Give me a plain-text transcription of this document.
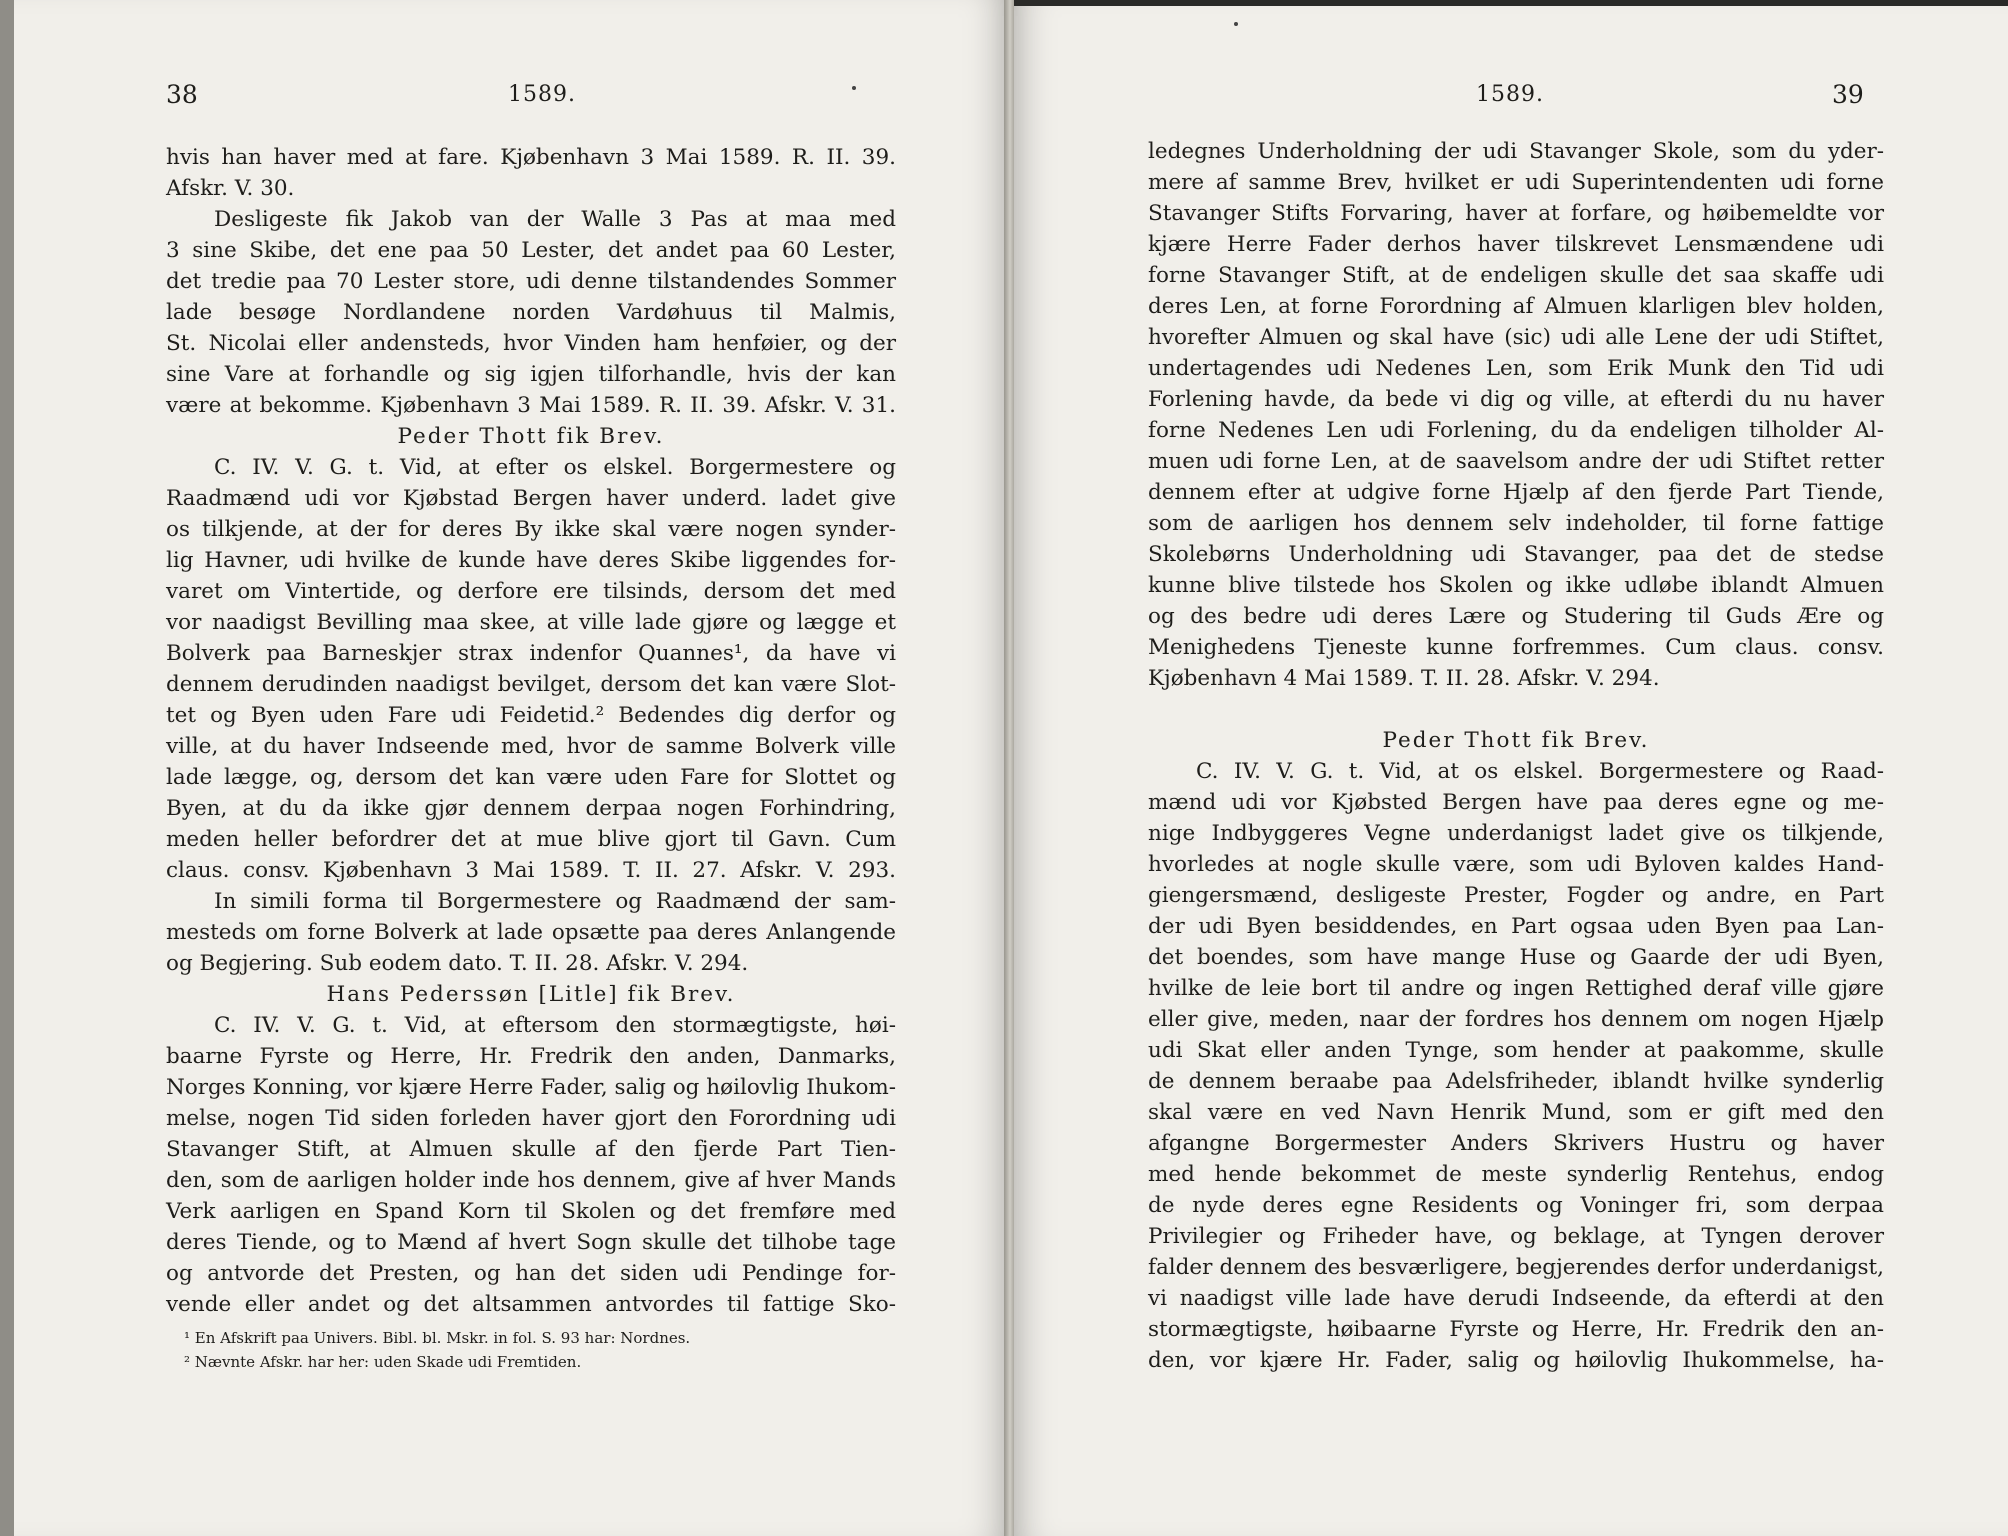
38	1589.
hvis han haver med at fare. Kjøbenhavn 3 Mai 1589. R. II. 39.
Afskr. V. 30.
Desligeste fik Jakob van der Walle 3 Pas at maa med
3 sine Skibe, det ene paa 50 Lester, det andet paa 60 Lester,
det tredie paa 70 Lester store, udi denne tilstandendes Sommer
lade besøge Nordlandene norden Vardøhuus til Malmis,
St. Nicolai eller andensteds, hvor Vinden ham henføier, og der
sine Vare at forhandle og sig igjen tilforhandle, hvis der kan
være at bekomme. Kjøbenhavn 3 Mai 1589. R. II. 39. Afskr. V. 31.
Peder Thott fik Brev.
C. IV. V. G. t. Vid, at efter os elskel. Borgermestere og
Raadmænd udi vor Kjøbstad Bergen haver underd. ladet give
os tilkjende, at der for deres By ikke skal være nogen synder-
lig Havner, udi hvilke de kunde have deres Skibe liggendes for-
varet om Vintertide, og derfore ere tilsinds, dersom det med
vor naadigst Bevilling maa skee, at ville lade gjøre og lægge et
Bolverk paa Barneskjer strax indenfor Quannes¹, da have vi
dennem derudinden naadigst bevilget, dersom det kan være Slot-
tet og Byen uden Fare udi Feidetid.² Bedendes dig derfor og
ville, at du haver Indseende med, hvor de samme Bolverk ville
lade lægge, og, dersom det kan være uden Fare for Slottet og
Byen, at du da ikke gjør dennem derpaa nogen Forhindring,
meden heller befordrer det at mue blive gjort til Gavn. Cum
claus. consv. Kjøbenhavn 3 Mai 1589. T. II. 27. Afskr. V. 293.
In simili forma til Borgermestere og Raadmænd der sam-
mesteds om forne Bolverk at lade opsætte paa deres Anlangende
og Begjering. Sub eodem dato. T. II. 28. Afskr. V. 294.
Hans Pederssøn [Litle] fik Brev.
C. IV. V. G. t. Vid, at eftersom den stormægtigste, høi-
baarne Fyrste og Herre, Hr. Fredrik den anden, Danmarks,
Norges Konning, vor kjære Herre Fader, salig og høilovlig Ihukom-
melse, nogen Tid siden forleden haver gjort den Forordning udi
Stavanger Stift, at Almuen skulle af den fjerde Part Tien-
den, som de aarligen holder inde hos dennem, give af hver Mands
Verk aarligen en Spand Korn til Skolen og det fremføre med
deres Tiende, og to Mænd af hvert Sogn skulle det tilhobe tage
og antvorde det Presten, og han det siden udi Pendinge for-
vende eller andet og det altsammen antvordes til fattige Sko-
¹ En Afskrift paa Univers. Bibl. bl. Mskr. in fol. S. 93 har: Nordnes.
² Nævnte Afskr. har her: uden Skade udi Fremtiden.
1589.	39
ledegnes Underholdning der udi Stavanger Skole, som du yder-
mere af samme Brev, hvilket er udi Superintendenten udi forne
Stavanger Stifts Forvaring, haver at forfare, og høibemeldte vor
kjære Herre Fader derhos haver tilskrevet Lensmændene udi
forne Stavanger Stift, at de endeligen skulle det saa skaffe udi
deres Len, at forne Forordning af Almuen klarligen blev holden,
hvorefter Almuen og skal have (sic) udi alle Lene der udi Stiftet,
undertagendes udi Nedenes Len, som Erik Munk den Tid udi
Forlening havde, da bede vi dig og ville, at efterdi du nu haver
forne Nedenes Len udi Forlening, du da endeligen tilholder Al-
muen udi forne Len, at de saavelsom andre der udi Stiftet retter
dennem efter at udgive forne Hjælp af den fjerde Part Tiende,
som de aarligen hos dennem selv indeholder, til forne fattige
Skolebørns Underholdning udi Stavanger, paa det de stedse
kunne blive tilstede hos Skolen og ikke udløbe iblandt Almuen
og des bedre udi deres Lære og Studering til Guds Ære og
Menighedens Tjeneste kunne forfremmes. Cum claus. consv.
Kjøbenhavn 4 Mai 1589. T. II. 28. Afskr. V. 294.
Peder Thott fik Brev.
C. IV. V. G. t. Vid, at os elskel. Borgermestere og Raad-
mænd udi vor Kjøbsted Bergen have paa deres egne og me-
nige Indbyggeres Vegne underdanigst ladet give os tilkjende,
hvorledes at nogle skulle være, som udi Byloven kaldes Hand-
giengersmænd, desligeste Prester, Fogder og andre, en Part
der udi Byen besiddendes, en Part ogsaa uden Byen paa Lan-
det boendes, som have mange Huse og Gaarde der udi Byen,
hvilke de leie bort til andre og ingen Rettighed deraf ville gjøre
eller give, meden, naar der fordres hos dennem om nogen Hjælp
udi Skat eller anden Tynge, som hender at paakomme, skulle
de dennem beraabe paa Adelsfriheder, iblandt hvilke synderlig
skal være en ved Navn Henrik Mund, som er gift med den
afgangne Borgermester Anders Skrivers Hustru og haver
med hende bekommet de meste synderlig Rentehus, endog
de nyde deres egne Residents og Voninger fri, som derpaa
Privilegier og Friheder have, og beklage, at Tyngen derover
falder dennem des besværligere, begjerendes derfor underdanigst,
vi naadigst ville lade have derudi Indseende, da efterdi at den
stormægtigste, høibaarne Fyrste og Herre, Hr. Fredrik den an-
den, vor kjære Hr. Fader, salig og høilovlig Ihukommelse, ha-
